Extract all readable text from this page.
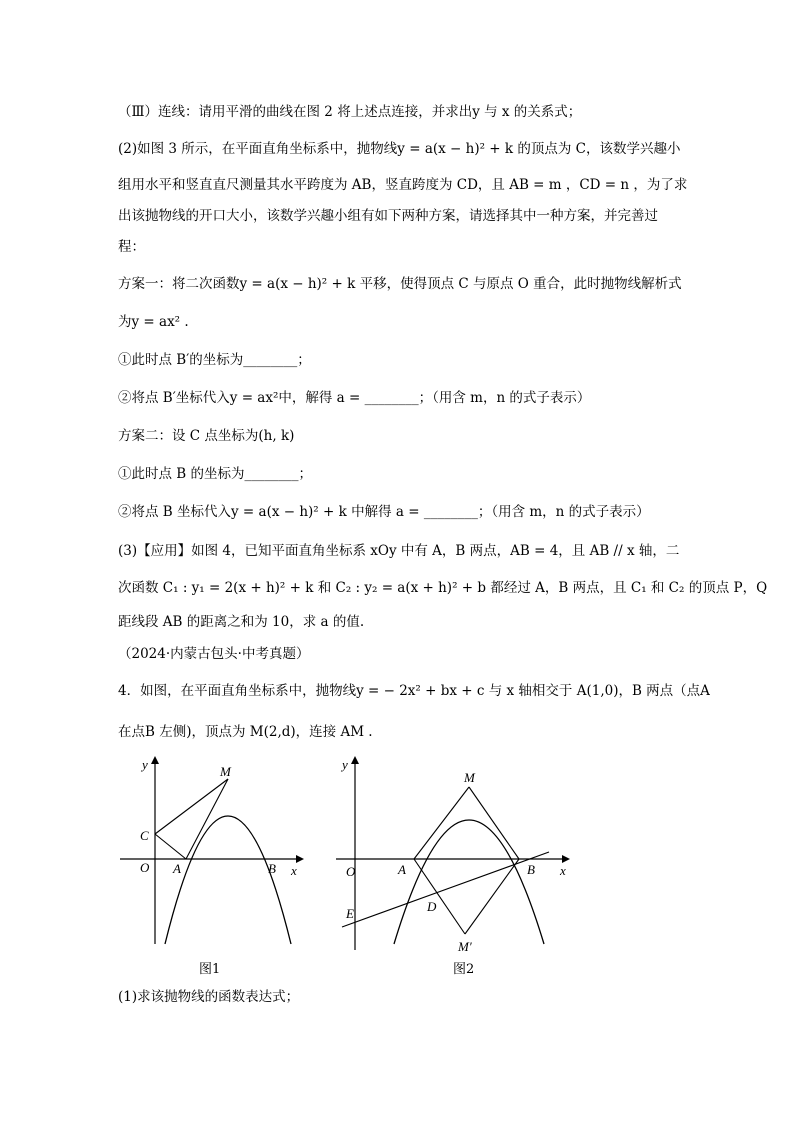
（Ⅲ）连线：请用平滑的曲线在图 2 将上述点连接，并求出y 与 x 的关系式；
(2)如图 3 所示，在平面直角坐标系中，抛物线y = a(x − h)² + k 的顶点为 C，该数学兴趣小
组用水平和竖直直尺测量其水平跨度为 AB，竖直跨度为 CD，且 AB = m ，CD = n ，为了求
出该抛物线的开口大小，该数学兴趣小组有如下两种方案，请选择其中一种方案，并完善过
程：
方案一：将二次函数y = a(x − h)² + k 平移，使得顶点 C 与原点 O 重合，此时抛物线解析式
为y = ax² .
①此时点 B′的坐标为________；
②将点 B′坐标代入y = ax²中，解得 a = ________；（用含 m，n 的式子表示）
方案二：设 C 点坐标为(h, k)
①此时点 B 的坐标为________；
②将点 B 坐标代入y = a(x − h)² + k 中解得 a = ________；（用含 m，n 的式子表示）
(3)【应用】如图 4，已知平面直角坐标系 xOy 中有 A，B 两点，AB = 4，且 AB // x 轴，二
次函数 C₁ : y₁ = 2(x + h)² + k 和 C₂ : y₂ = a(x + h)² + b 都经过 A，B 两点，且 C₁ 和 C₂ 的顶点 P，Q
距线段 AB 的距离之和为 10，求 a 的值.
（2024·内蒙古包头·中考真题）
4．如图，在平面直角坐标系中，抛物线y = − 2x² + bx + c 与 x 轴相交于 A(1,0)，B 两点（点A
在点B 左侧)，顶点为 M(2,d)，连接 AM .
y
x
M
C
O A	B
图1
y
x
M
O	A	B
E	D
M′
图2
(1)求该抛物线的函数表达式；
